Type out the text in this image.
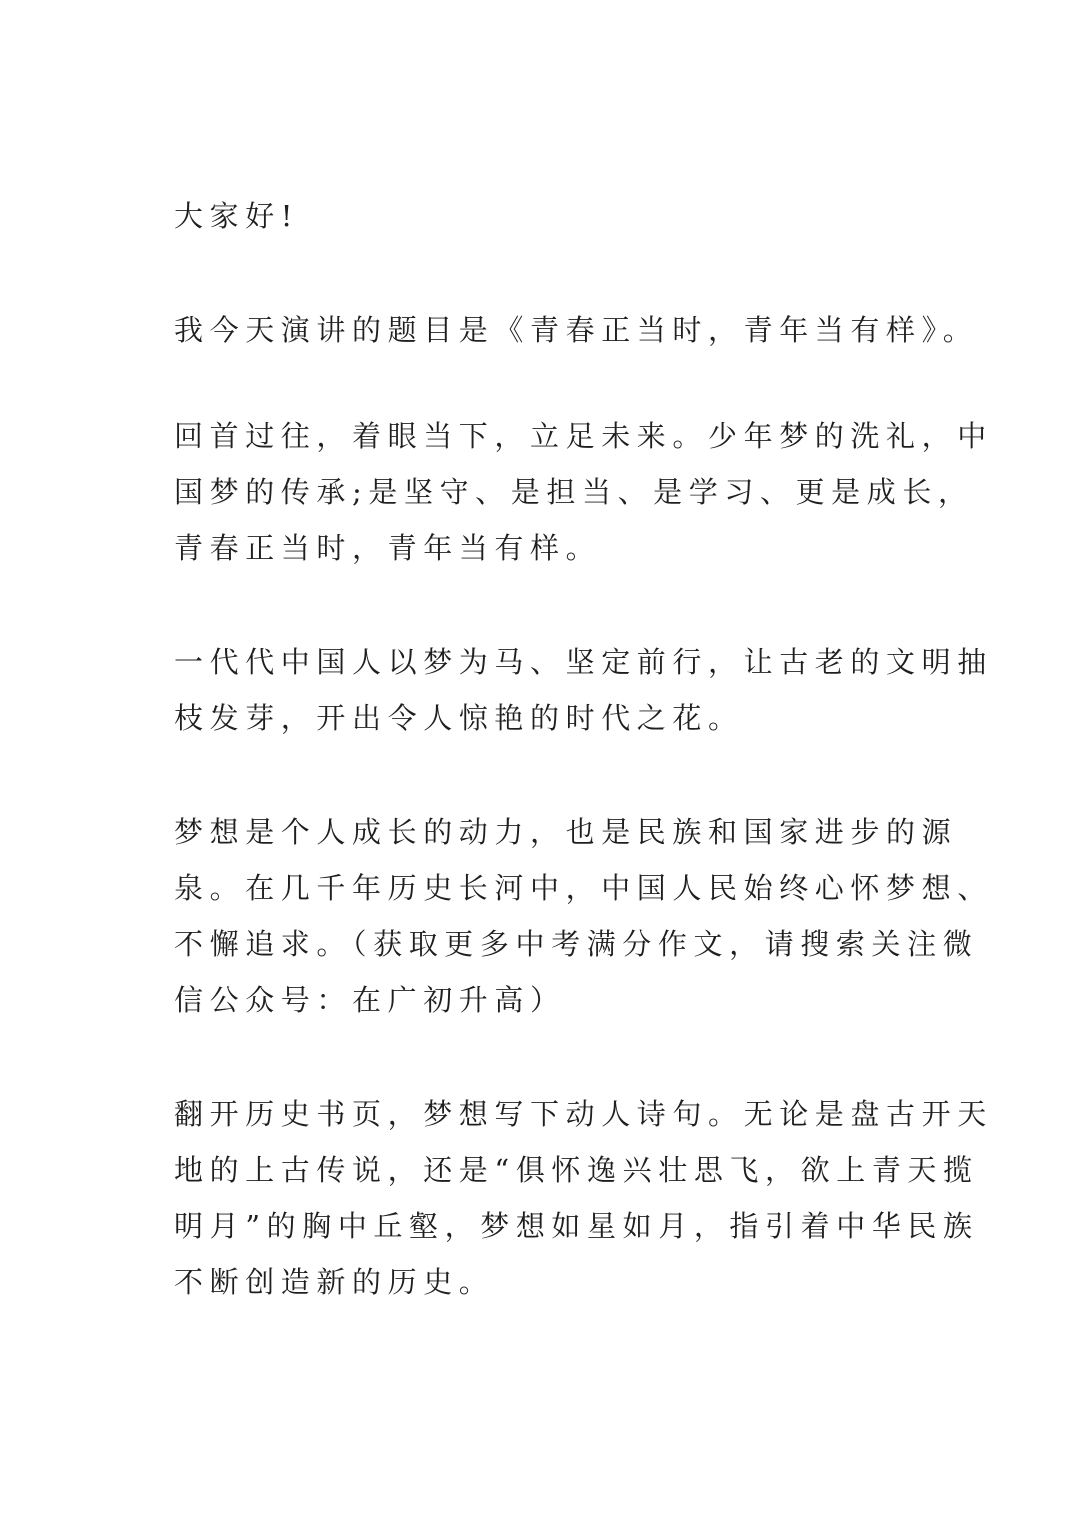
大家好!

我今天演讲的题目是《青春正当时，青年当有样》。

回首过往，着眼当下，立足未来。少年梦的洗礼，中
国梦的传承;是坚守、是担当、是学习、更是成长，
青春正当时，青年当有样。

一代代中国人以梦为马、坚定前行，让古老的文明抽
枝发芽，开出令人惊艳的时代之花。

梦想是个人成长的动力，也是民族和国家进步的源
泉。在几千年历史长河中，中国人民始终心怀梦想、
不懈追求。（获取更多中考满分作文，请搜索关注微
信公众号：在广初升高）

翻开历史书页，梦想写下动人诗句。无论是盘古开天
地的上古传说，还是“俱怀逸兴壮思飞，欲上青天揽
明月”的胸中丘壑，梦想如星如月，指引着中华民族
不断创造新的历史。
